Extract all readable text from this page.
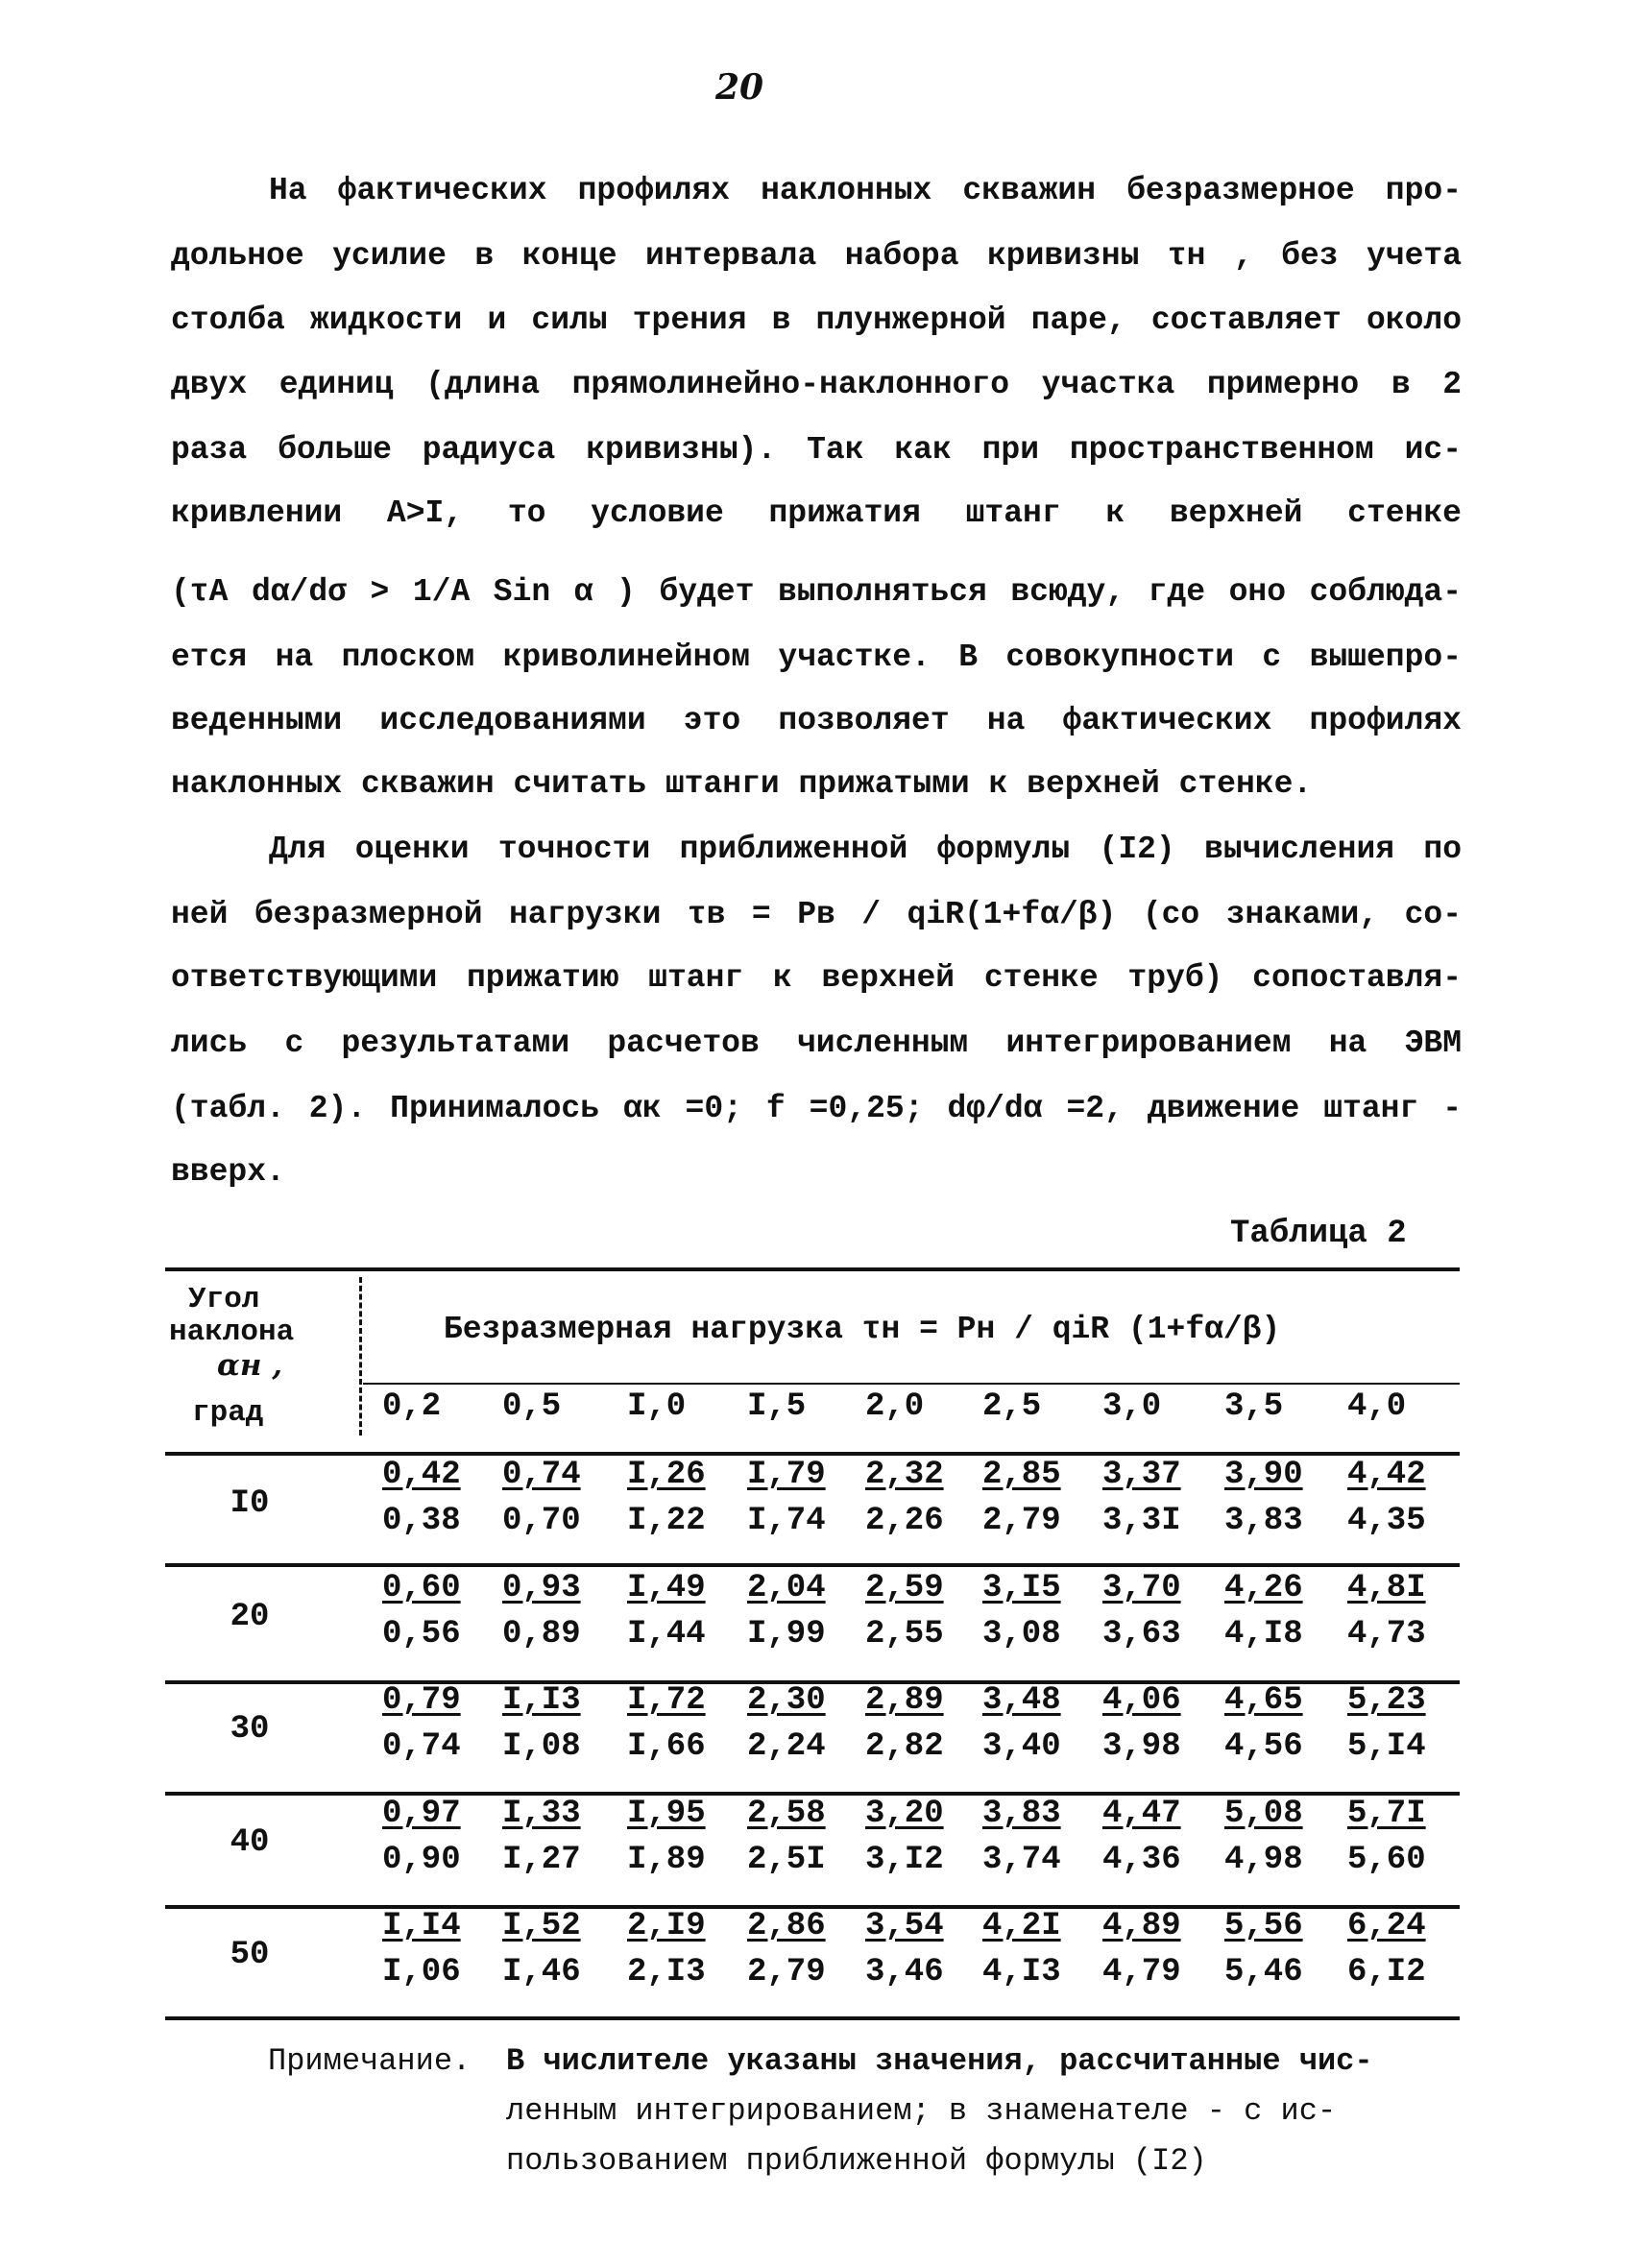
20
На фактических профилях наклонных скважин безразмерное про-
дольное усилие в конце интервала набора кривизны τн , без учета
столба жидкости и силы трения в плунжерной паре, составляет около
двух единиц (длина прямолинейно-наклонного участка примерно в 2
раза больше радиуса кривизны). Так как при пространственном ис-
кривлении A>I, то условие прижатия штанг к верхней стенке
(τA dα/dσ > 1/A Sin α ) будет выполняться всюду, где оно соблюда-
ется на плоском криволинейном участке. В совокупности с вышепро-
веденными исследованиями это позволяет на фактических профилях
наклонных скважин считать штанги прижатыми к верхней стенке.
Для оценки точности приближенной формулы (I2) вычисления по
ней безразмерной нагрузки τв = Pв / qiR(1+fα/β) (со знаками, со-
ответствующими прижатию штанг к верхней стенке труб) сопоставля-
лись с результатами расчетов численным интегрированием на ЭВМ
(табл. 2). Принималось αк =0; f =0,25; dφ/dα =2, движение штанг -
вверх.
Таблица 2
Угол
наклона
αн ,
град
Безразмерная нагрузка τн = Pн / qiR (1+fα/β)
0,2	0,5	I,0	I,5	2,0	2,5	3,0	3,5	4,0
I0
0,42	0,74	I,26	I,79	2,32	2,85	3,37	3,90	4,42
0,38	0,70	I,22	I,74	2,26	2,79	3,3I	3,83	4,35
20
0,60	0,93	I,49	2,04	2,59	3,I5	3,70	4,26	4,8I
0,56	0,89	I,44	I,99	2,55	3,08	3,63	4,I8	4,73
30
0,79	I,I3	I,72	2,30	2,89	3,48	4,06	4,65	5,23
0,74	I,08	I,66	2,24	2,82	3,40	3,98	4,56	5,I4
40
0,97	I,33	I,95	2,58	3,20	3,83	4,47	5,08	5,7I
0,90	I,27	I,89	2,5I	3,I2	3,74	4,36	4,98	5,60
50
I,I4	I,52	2,I9	2,86	3,54	4,2I	4,89	5,56	6,24
I,06	I,46	2,I3	2,79	3,46	4,I3	4,79	5,46	6,I2
Примечание. В числителе указаны значения, рассчитанные чис-
ленным интегрированием; в знаменателе - с ис-
пользованием приближенной формулы (I2)
